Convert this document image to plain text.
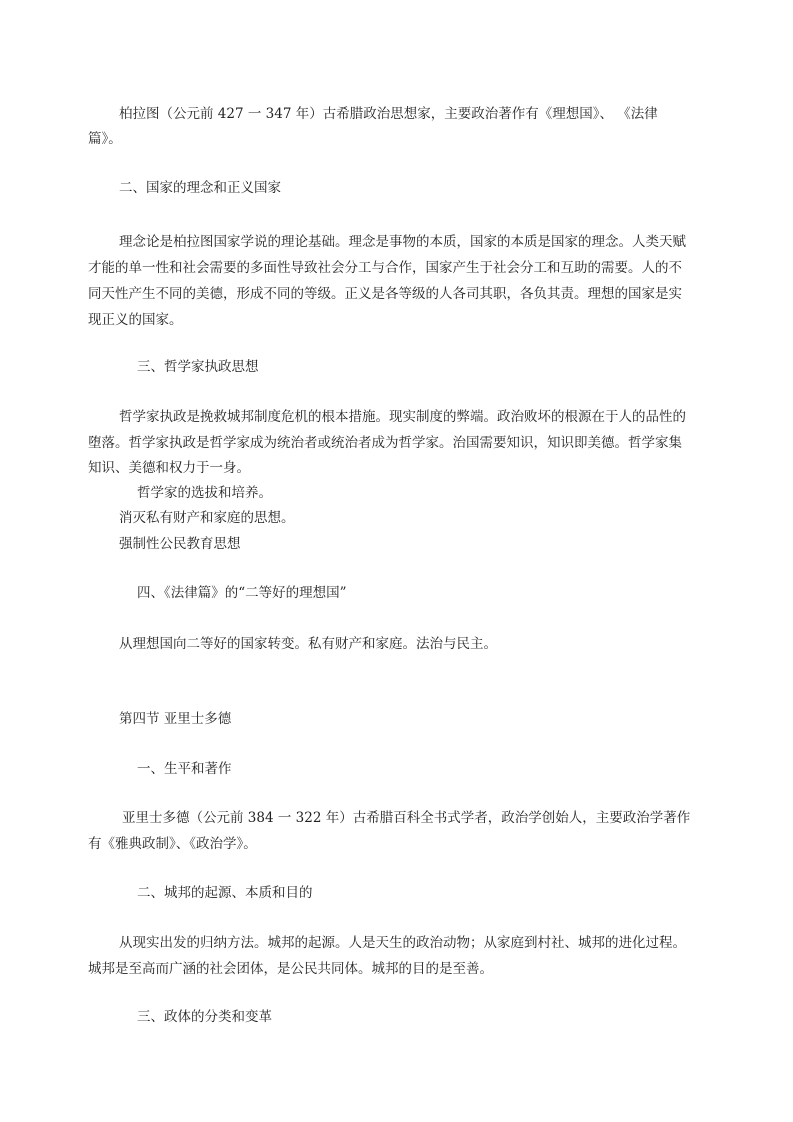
柏拉图（公元前 427 一 347 年）古希腊政治思想家，主要政治著作有《理想国》、 《法律
篇》。
二、国家的理念和正义国家
理念论是柏拉图国家学说的理论基础。理念是事物的本质，国家的本质是国家的理念。人类天赋
才能的单一性和社会需要的多面性导致社会分工与合作，国家产生于社会分工和互助的需要。人的不
同天性产生不同的美德，形成不同的等级。正义是各等级的人各司其职，各负其责。理想的国家是实
现正义的国家。
三、哲学家执政思想
哲学家执政是挽救城邦制度危机的根本措施。现实制度的弊端。政治败坏的根源在于人的品性的
堕落。哲学家执政是哲学家成为统治者或统治者成为哲学家。治国需要知识，知识即美德。哲学家集
知识、美德和权力于一身。
哲学家的选拔和培养。
消灭私有财产和家庭的思想。
强制性公民教育思想
四、《法律篇》的“二等好的理想国”
从理想国向二等好的国家转变。私有财产和家庭。法治与民主。
第四节 亚里士多德
一、生平和著作
亚里士多德（公元前 384 一 322 年）古希腊百科全书式学者，政治学创始人，主要政治学著作
有《雅典政制》、《政治学》。
二、城邦的起源、本质和目的
从现实出发的归纳方法。城邦的起源。人是天生的政治动物；从家庭到村社、城邦的进化过程。
城邦是至高而广涵的社会团体，是公民共同体。城邦的目的是至善。
三、政体的分类和变革
